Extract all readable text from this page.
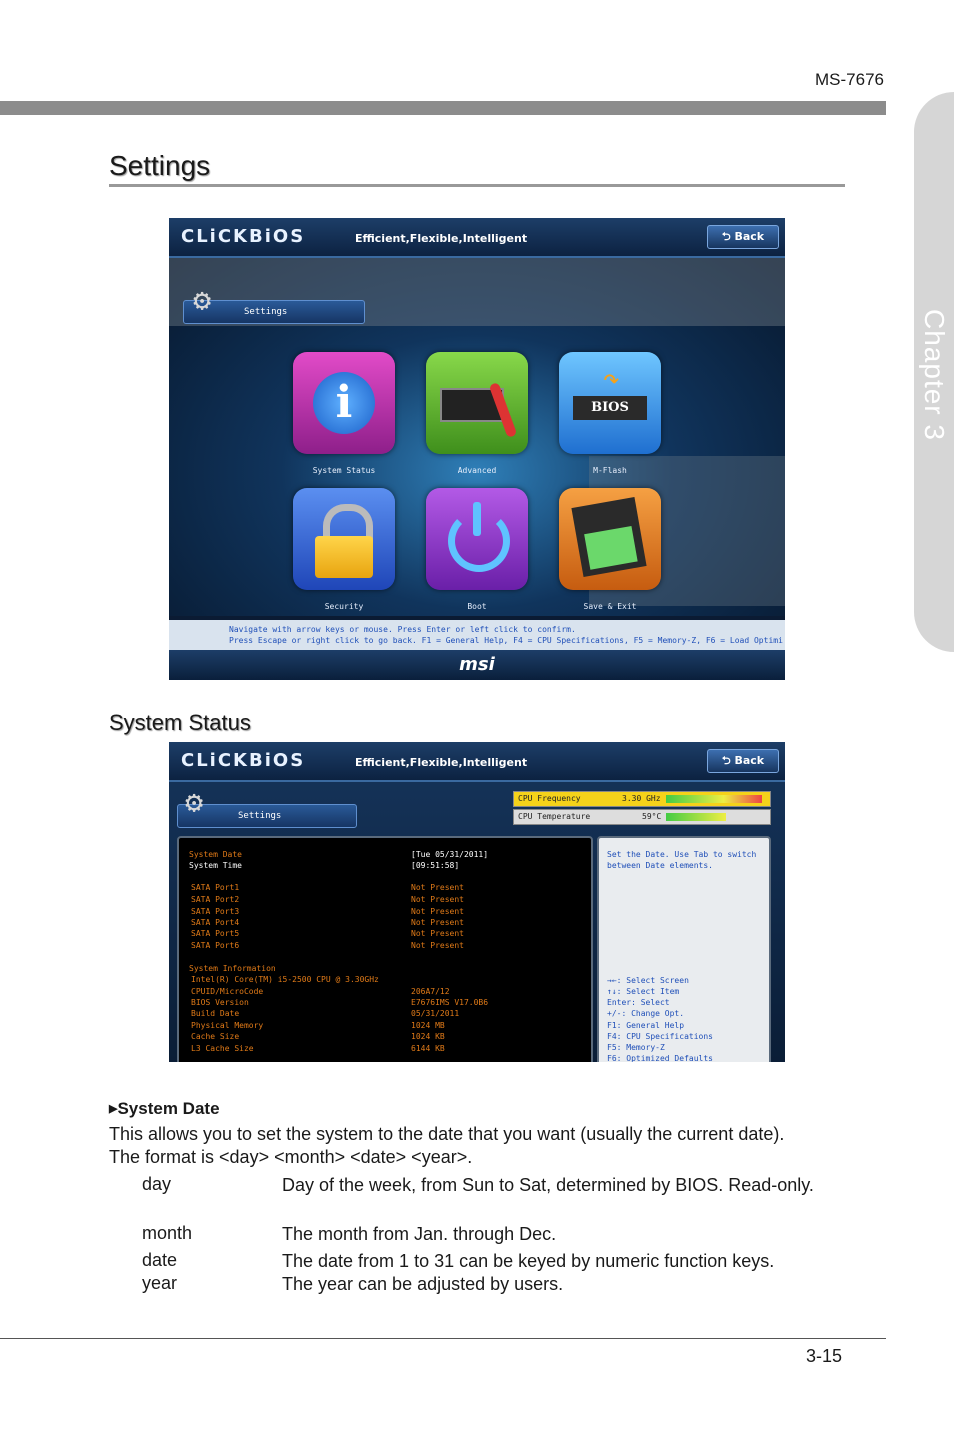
MS-7676
Chapter 3
Settings
CLiCKBiOS	Efficient,Flexible,Intelligent	⮌ Back
Settings
⚙
i	BIOS
↷
System Status	Advanced	M-Flash
Security	Boot	Save & Exit
Navigate with arrow keys or mouse. Press Enter or left click to confirm.
Press Escape or right click to go back. F1 = General Help, F4 = CPU Specifications, F5 = Memory-Z, F6 = Load Optimi
msi
System Status
CLiCKBiOS	Efficient,Flexible,Intelligent	⮌ Back
Settings
⚙	CPU Frequency	3.30 GHz
CPU Temperature	59°C
System Date	[Tue 05/31/2011]
System Time	[09:51:58]
SATA Port1	Not Present
SATA Port2	Not Present
SATA Port3	Not Present
SATA Port4	Not Present
SATA Port5	Not Present
SATA Port6	Not Present
System Information
Intel(R) Core(TM) i5-2500 CPU @ 3.30GHz
CPUID/MicroCode	206A7/12
BIOS Version	E7676IMS V17.0B6
Build Date	05/31/2011
Physical Memory	1024 MB
Cache Size	1024 KB
L3 Cache Size	6144 KB
Set the Date. Use Tab to switch
between Date elements.
→←: Select Screen
↑↓: Select Item
Enter: Select
+/-: Change Opt.
F1: General Help
F4: CPU Specifications
F5: Memory-Z
F6: Optimized Defaults
▶System Date
This allows you to set the system to the date that you want (usually the current date).
The format is <day> <month> <date> <year>.
day	Day of the week, from Sun to Sat, determined by BIOS. Read-only.
month	The month from Jan. through Dec.
date	The date from 1 to 31 can be keyed by numeric function keys.
year	The year can be adjusted by users.
3-15
